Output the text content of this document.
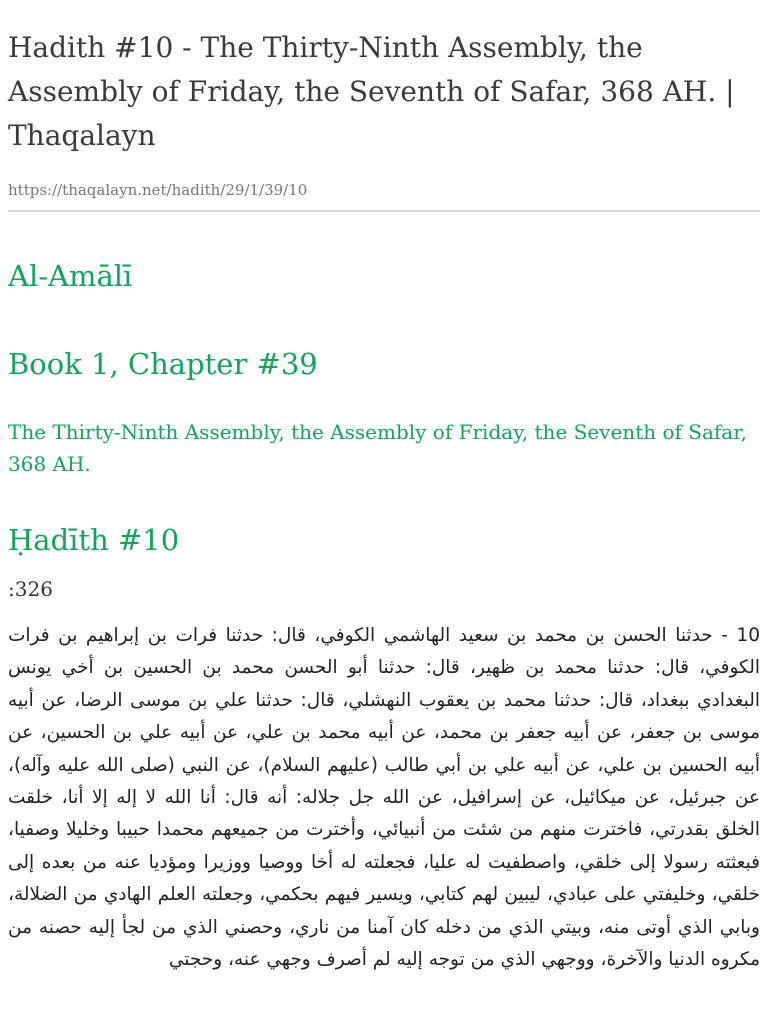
Hadith #10 - The Thirty-Ninth Assembly, the Assembly of Friday, the Seventh of Safar, 368 AH. | Thaqalayn

https://thaqalayn.net/hadith/29/1/39/10

Al-Amālī
Book 1, Chapter #39
The Thirty-Ninth Assembly, the Assembly of Friday, the Seventh of Safar, 368 AH.
Ḥadīth #10

:326

10 - حدثنا الحسن بن محمد بن سعيد الهاشمي الكوفي، قال: حدثنا فرات بن إبراهيم بن فرات الكوفي، قال: حدثنا محمد بن ظهير، قال: حدثنا أبو الحسن محمد بن الحسين بن أخي يونس البغدادي ببغداد، قال: حدثنا محمد بن يعقوب النهشلي، قال: حدثنا علي بن موسى الرضا، عن أبيه موسى بن جعفر، عن أبيه جعفر بن محمد، عن أبيه محمد بن علي، عن أبيه علي بن الحسين، عن أبيه الحسين بن علي، عن أبيه علي بن أبي طالب (عليهم السلام)، عن النبي (صلى الله عليه وآله)، عن جبرئيل، عن ميكائيل، عن إسرافيل، عن الله جل جلاله: أنه قال: أنا الله لا إله إلا أنا، خلقت الخلق بقدرتي، فاخترت منهم من شئت من أنبيائي، وأخترت من جميعهم محمدا حبيبا وخليلا وصفيا، فبعثته رسولا إلى خلقي، واصطفيت له عليا، فجعلته له أخا ووصيا ووزيرا ومؤديا عنه من بعده إلى خلقي، وخليفتي على عبادي، ليبين لهم كتابي، ويسير فيهم بحكمي، وجعلته العلم الهادي من الضلالة، وبابي الذي أوتى منه، وبيتي الذي من دخله كان آمنا من ناري، وحصني الذي من لجأ إليه حصنه من مكروه الدنيا والآخرة، ووجهي الذي من توجه إليه لم أصرف وجهي عنه، وحجتي
